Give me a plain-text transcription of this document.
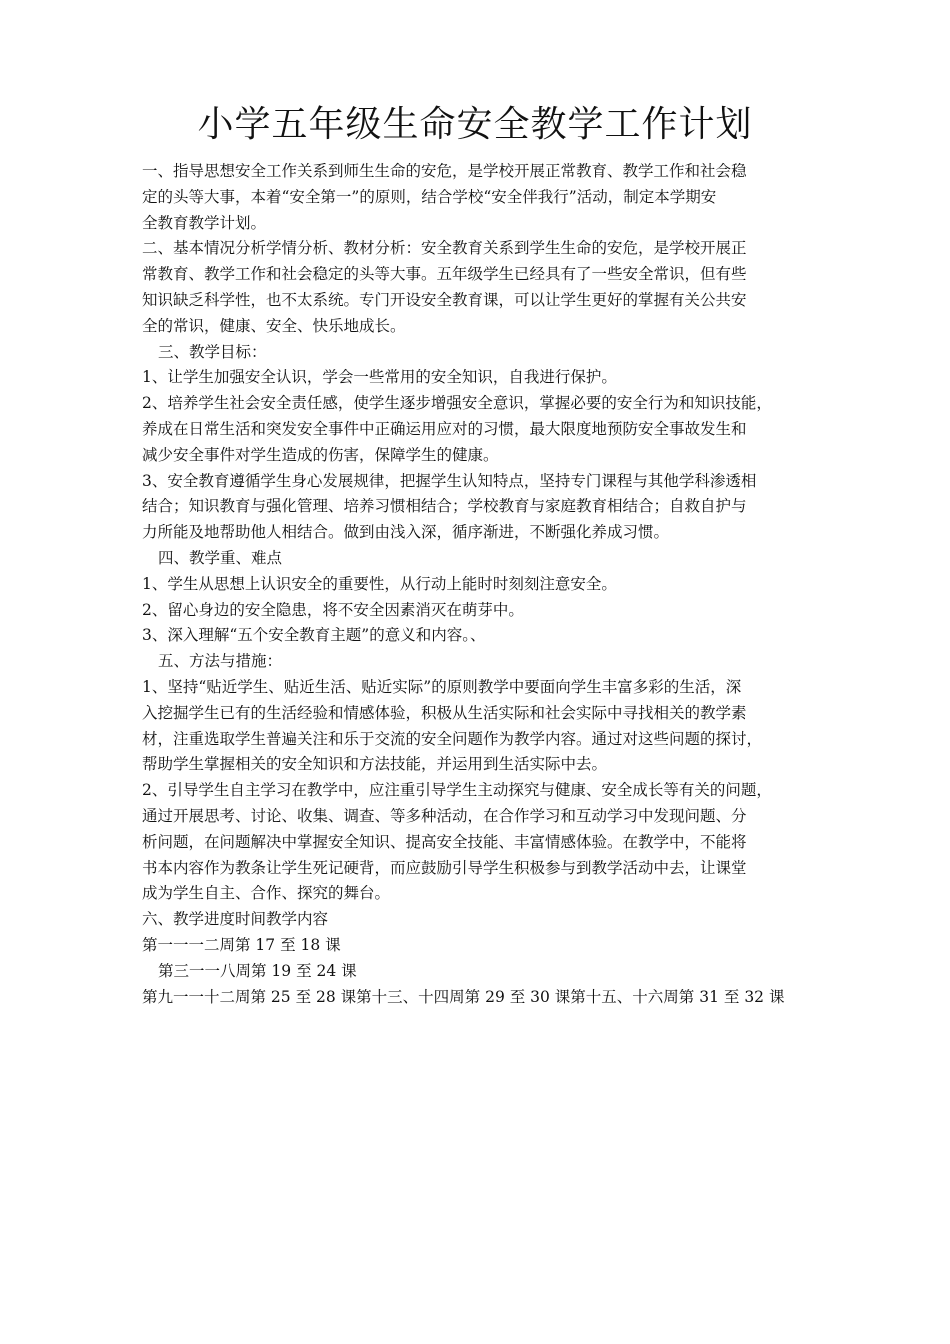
小学五年级生命安全教学工作计划
一、指导思想安全工作关系到师生生命的安危，是学校开展正常教育、教学工作和社会稳
定的头等大事，本着“安全第一”的原则，结合学校“安全伴我行”活动，制定本学期安
全教育教学计划。
二、基本情况分析学情分析、教材分析：安全教育关系到学生生命的安危，是学校开展正
常教育、教学工作和社会稳定的头等大事。五年级学生已经具有了一些安全常识，但有些
知识缺乏科学性，也不太系统。专门开设安全教育课，可以让学生更好的掌握有关公共安
全的常识，健康、安全、快乐地成长。
三、教学目标：
1、让学生加强安全认识，学会一些常用的安全知识，自我进行保护。
2、培养学生社会安全责任感，使学生逐步增强安全意识，掌握必要的安全行为和知识技能，
养成在日常生活和突发安全事件中正确运用应对的习惯，最大限度地预防安全事故发生和
减少安全事件对学生造成的伤害，保障学生的健康。
3、安全教育遵循学生身心发展规律，把握学生认知特点，坚持专门课程与其他学科渗透相
结合；知识教育与强化管理、培养习惯相结合；学校教育与家庭教育相结合；自救自护与
力所能及地帮助他人相结合。做到由浅入深，循序渐进，不断强化养成习惯。
四、教学重、难点
1、学生从思想上认识安全的重要性，从行动上能时时刻刻注意安全。
2、留心身边的安全隐患，将不安全因素消灭在萌芽中。
3、深入理解“五个安全教育主题”的意义和内容。、
五、方法与措施：
1、坚持“贴近学生、贴近生活、贴近实际”的原则教学中要面向学生丰富多彩的生活，深
入挖掘学生已有的生活经验和情感体验，积极从生活实际和社会实际中寻找相关的教学素
材，注重选取学生普遍关注和乐于交流的安全问题作为教学内容。通过对这些问题的探讨，
帮助学生掌握相关的安全知识和方法技能，并运用到生活实际中去。
2、引导学生自主学习在教学中，应注重引导学生主动探究与健康、安全成长等有关的问题，
通过开展思考、讨论、收集、调查、等多种活动，在合作学习和互动学习中发现问题、分
析问题，在问题解决中掌握安全知识、提高安全技能、丰富情感体验。在教学中，不能将
书本内容作为教条让学生死记硬背，而应鼓励引导学生积极参与到教学活动中去，让课堂
成为学生自主、合作、探究的舞台。
六、教学进度时间教学内容
第一一一二周第 17 至 18 课
第三一一八周第 19 至 24 课
第九一一十二周第 25 至 28 课第十三、十四周第 29 至 30 课第十五、十六周第 31 至 32 课
